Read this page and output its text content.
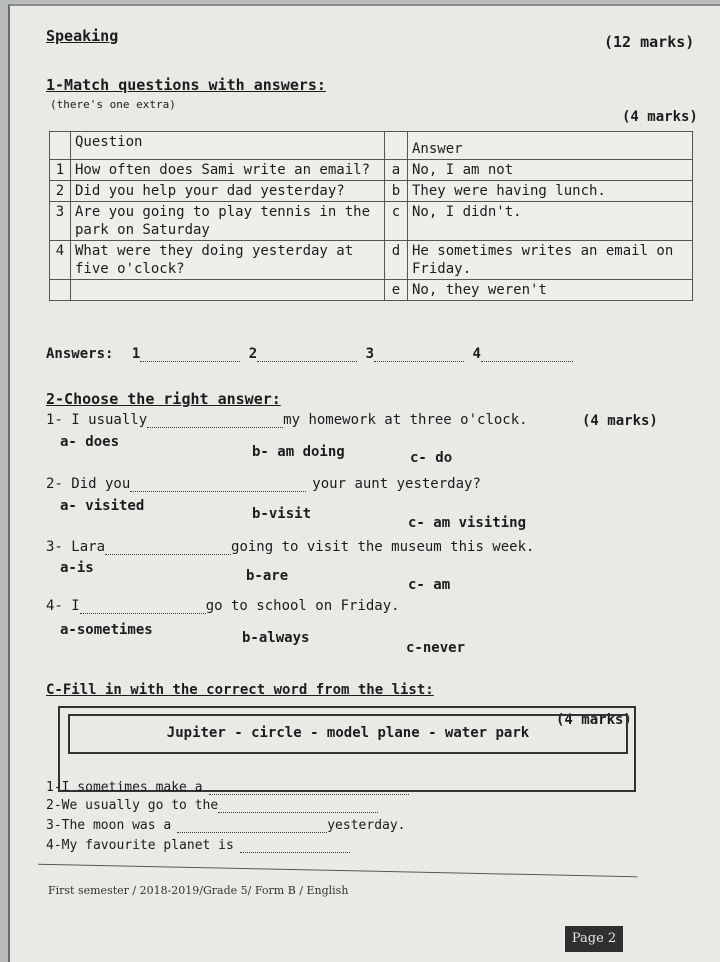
Speaking	(12 marks)
1-Match questions with answers:
(there's one extra)
(4 marks)
	Question		Answer
1	How often does Sami write an email?	a	No, I am not
2	Did you help your dad yesterday?	b	They were having lunch.
3	Are you going to play tennis in the park on Saturday	c	No, I didn't.
4	What were they doing yesterday at five o'clock?	d	He sometimes writes an email on Friday.
		e	No, they weren't
Answers: 1	2	3	4
2-Choose the right answer:
(4 marks)
1- I usually	my homework at three o'clock.
a- does
b- am doing	c- do
2- Did you	your aunt yesterday?
a- visited	b-visit
c- am visiting
3- Lara	going to visit the museum this week.
a-is	b-are
c- am
4- I	go to school on Friday.
a-sometimes	b-always
c-never
C-Fill in with the correct word from the list:
(4 marks)
Jupiter - circle - model plane - water park
1-I sometimes make a
2-We usually go to the
3-The moon was a	yesterday.
4-My favourite planet is
First semester / 2018-2019/Grade 5/ Form B / English
Page 2
